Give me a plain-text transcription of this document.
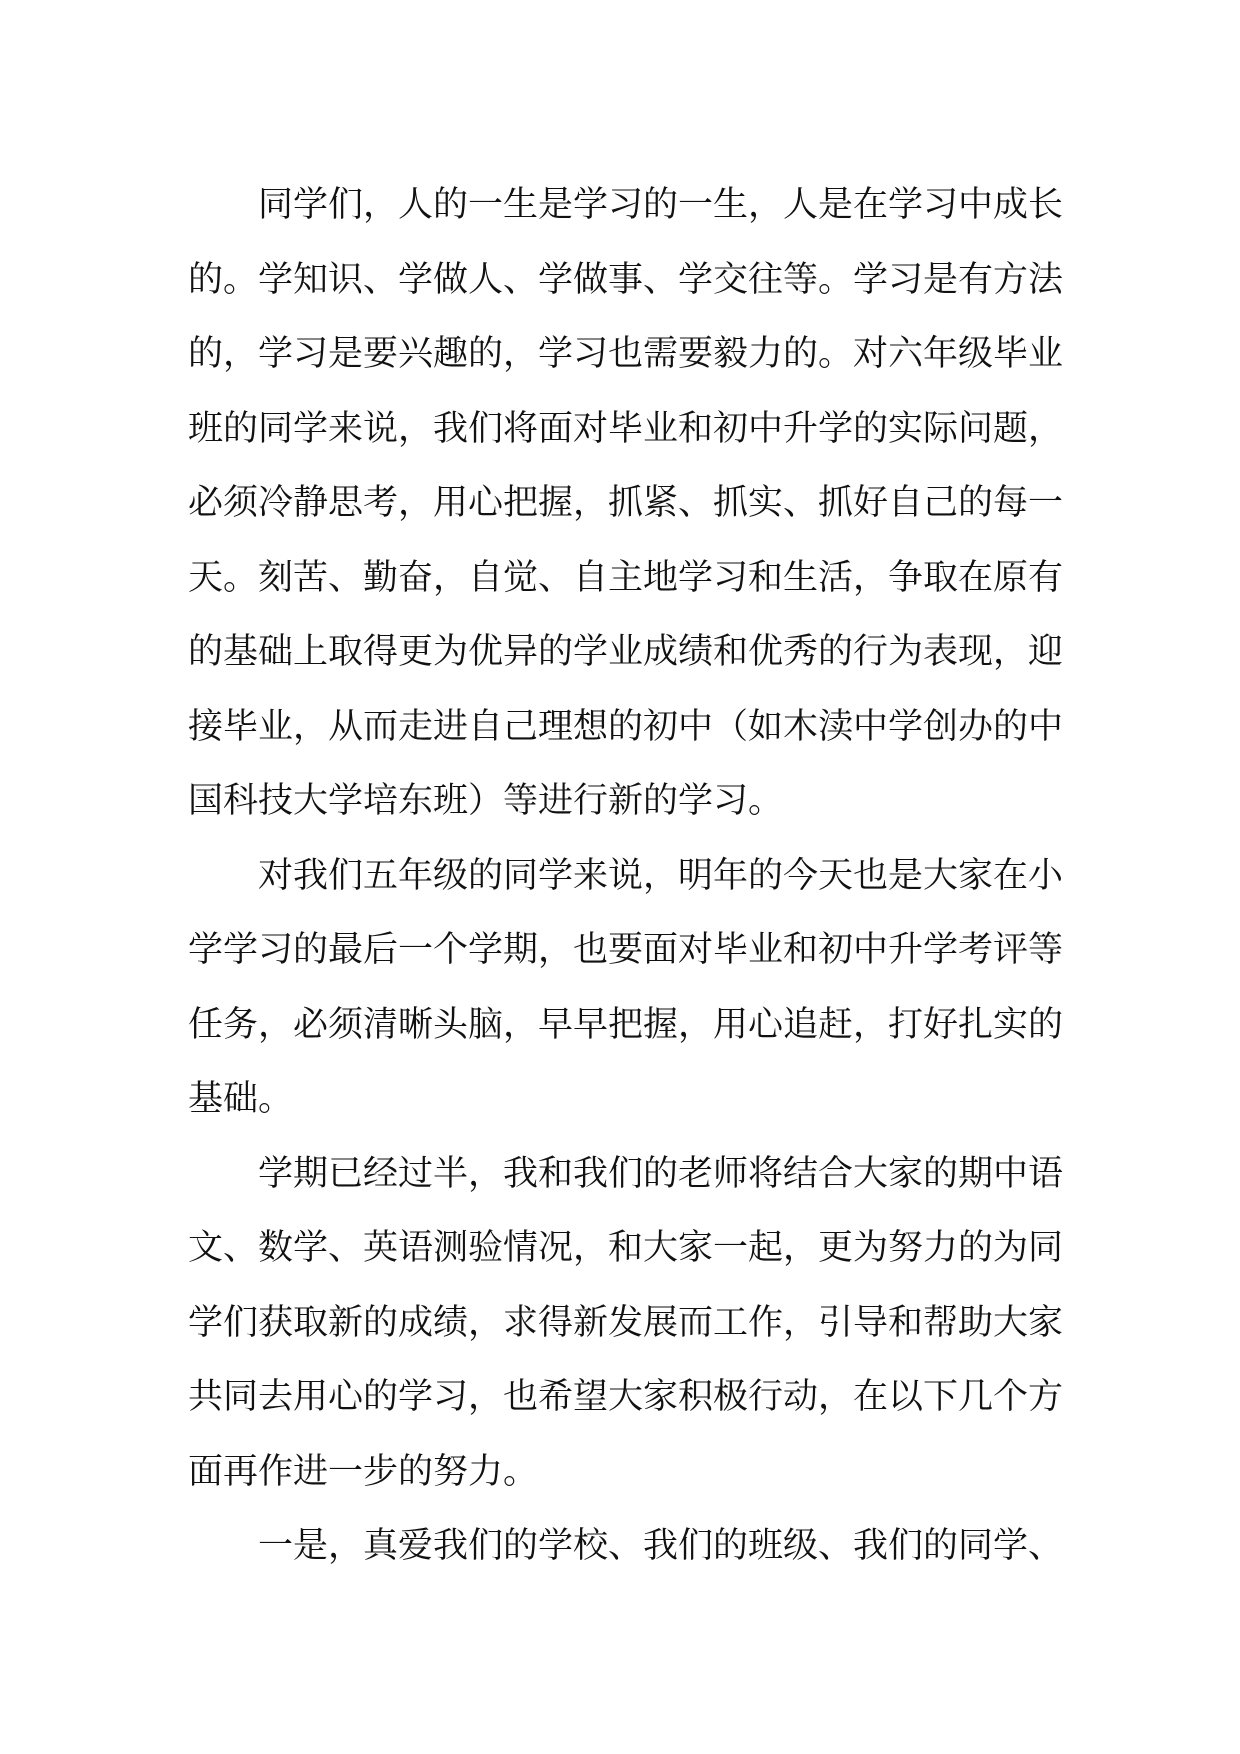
同学们，人的一生是学习的一生，人是在学习中成长
的。学知识、学做人、学做事、学交往等。学习是有方法
的，学习是要兴趣的，学习也需要毅力的。对六年级毕业
班的同学来说，我们将面对毕业和初中升学的实际问题，
必须冷静思考，用心把握，抓紧、抓实、抓好自己的每一
天。刻苦、勤奋，自觉、自主地学习和生活，争取在原有
的基础上取得更为优异的学业成绩和优秀的行为表现，迎
接毕业，从而走进自己理想的初中（如木渎中学创办的中
国科技大学培东班）等进行新的学习。
对我们五年级的同学来说，明年的今天也是大家在小
学学习的最后一个学期，也要面对毕业和初中升学考评等
任务，必须清晰头脑，早早把握，用心追赶，打好扎实的
基础。
学期已经过半，我和我们的老师将结合大家的期中语
文、数学、英语测验情况，和大家一起，更为努力的为同
学们获取新的成绩，求得新发展而工作，引导和帮助大家
共同去用心的学习，也希望大家积极行动，在以下几个方
面再作进一步的努力。
一是，真爱我们的学校、我们的班级、我们的同学、
